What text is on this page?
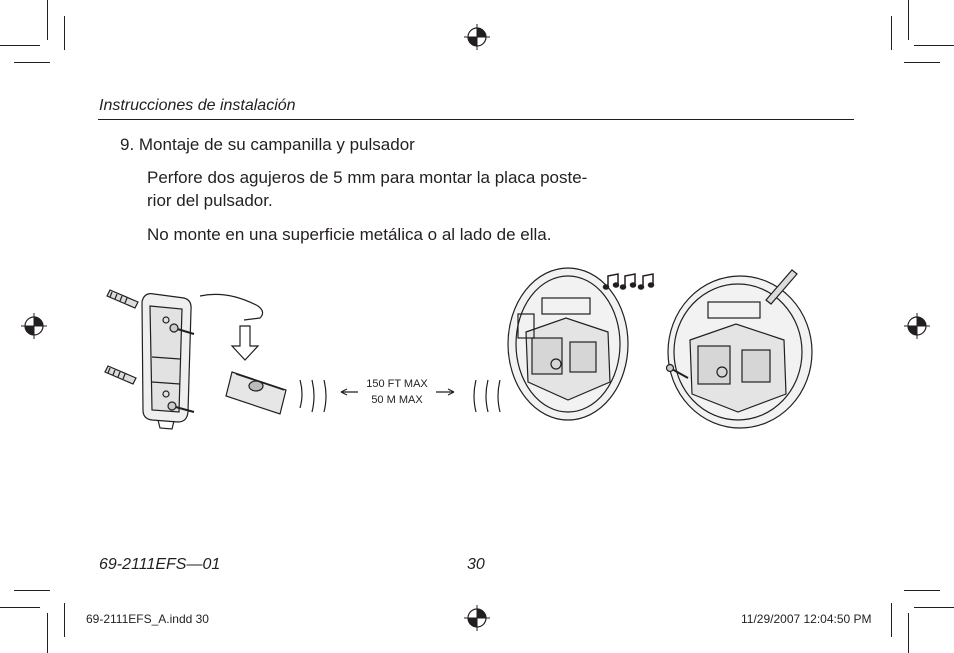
Instrucciones de instalación
9. Montaje de su campanilla y pulsador
Perfore dos agujeros de 5 mm para montar la placa poste-
rior del pulsador.
No monte en una superficie metálica o al lado de ella.
150 FT MAX
50 M MAX
69-2111EFS—01	30
69-2111EFS_A.indd 30	11/29/2007 12:04:50 PM
